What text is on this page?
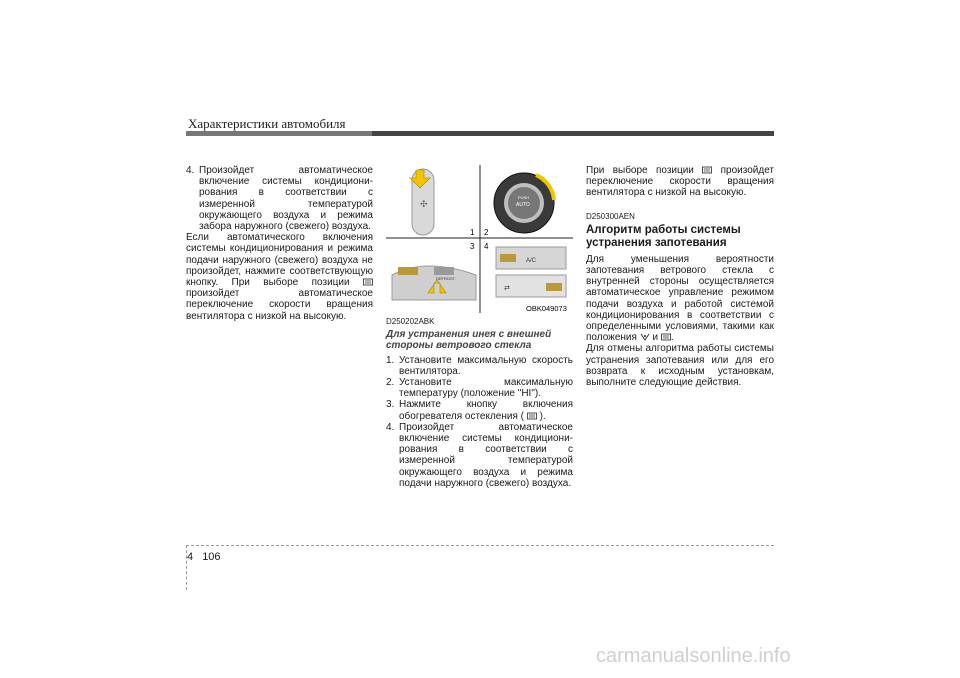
Характеристики автомобиля
4. Произойдет автоматическое включение системы кондициони- рования в соответствии с измеренной температурой окружающего воздуха и режима забора наружного (свежего) воздуха.

Если автоматического включения системы кондиционирования и режима подачи наружного (свежего) воздуха не произойдет, нажмите соответствующую кнопку. При выборе позиции  произойдет автоматическое переключение скорости вращения вентилятора с низкой на высокую.

✣
PUSH
AUTO
DEFROST
A/C
⇄
1 2
3 4
OBK049073
D250202ABK
Для устранения инея с внешней стороны ветрового стекла
1. Установите максимальную скорость вентилятора.
2. Установите максимальную температуру (положение "HI").
3. Нажмите кнопку включения обогревателя остекления ( ).
4. Произойдет автоматическое включение системы кондициони- рования в соответствии с измеренной температурой окружающего воздуха и режима подачи наружного (свежего) воздуха.

При выборе позиции	произойдет переключение скорости вращения вентилятора с низкой на высокую.

D250300AEN
Алгоритм работы системы устранения запотевания

Для уменьшения вероятности запотевания ветрового стекла с внутренней стороны осуществляется автоматическое управление режимом подачи воздуха и работой системой кондиционирования в соответствии с определенными условиями, такими как положения и .

Для отмены алгоритма работы системы устранения запотевания или для его возврата к исходным установкам, выполните следующие действия.

4 106
carmanualsonline.info
